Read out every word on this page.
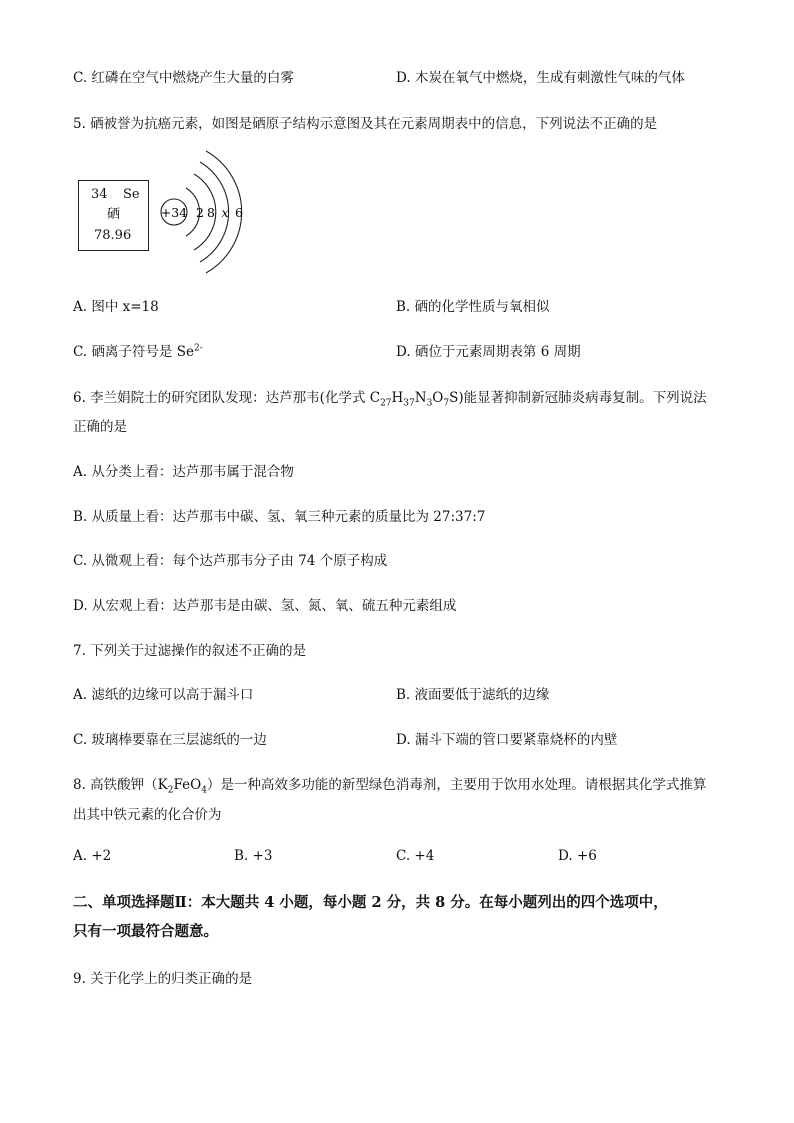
C. 红磷在空气中燃烧产生大量的白雾	D. 木炭在氧气中燃烧，生成有刺激性气味的气体
5. 硒被誉为抗癌元素，如图是硒原子结构示意图及其在元素周期表中的信息，下列说法不正确的是
34 Se
硒
78.96
+34 2 8 x 6
A. 图中 x=18	B. 硒的化学性质与氧相似
C. 硒离子符号是 $Se^{2-}$	D. 硒位于元素周期表第 6 周期
6. 李兰娟院士的研究团队发现：达芦那韦(化学式 $C_{27}H_{37}N_3O_7S$)能显著抑制新冠肺炎病毒复制。下列说法
正确的是
A. 从分类上看：达芦那韦属于混合物
B. 从质量上看：达芦那韦中碳、氢、氧三种元素的质量比为 27:37:7
C. 从微观上看：每个达芦那韦分子由 74 个原子构成
D. 从宏观上看：达芦那韦是由碳、氢、氮、氧、硫五种元素组成
7. 下列关于过滤操作的叙述不正确的是
A. 滤纸的边缘可以高于漏斗口	B. 液面要低于滤纸的边缘
C. 玻璃棒要靠在三层滤纸的一边	D. 漏斗下端的管口要紧靠烧杯的内壁
8. 高铁酸钾$(K_2FeO_4)$是一种高效多功能的新型绿色消毒剂，主要用于饮用水处理。请根据其化学式推算
出其中铁元素的化合价为
A. +2	B. +3	C. +4	D. +6
二、单项选择题Ⅱ：本大题共 4 小题，每小题 2 分，共 8 分。在每小题列出的四个选项中，
只有一项最符合题意。
9. 关于化学上的归类正确的是
